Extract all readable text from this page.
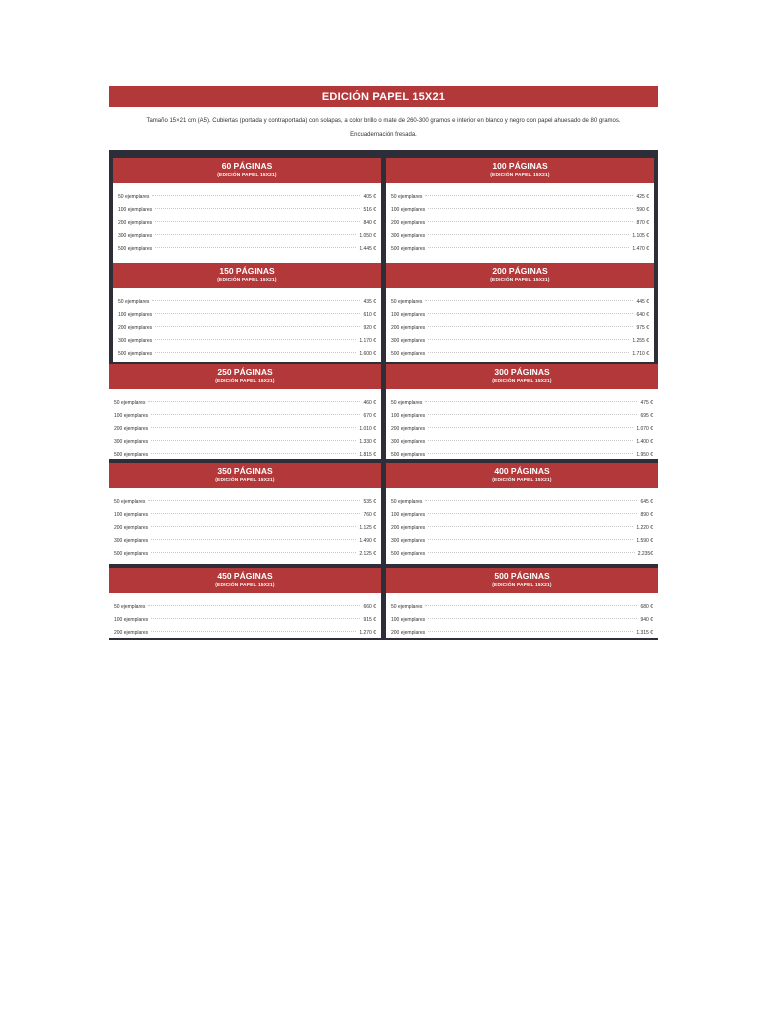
EDICIÓN PAPEL 15X21
Tamaño 15×21 cm (A5). Cubiertas (portada y contraportada) con solapas, a color brillo o mate de 260-300 gramos e interior en blanco y negro con papel ahuesado de 80 gramos.
Encuadernación fresada.
60 PÁGINAS
(EDICIÓN PAPEL 15X21)
50 ejemplares	405 €
100 ejemplares	516 €
200 ejemplares	840 €
300 ejemplares	1.050 €
500 ejemplares	1.445 €
100 PÁGINAS
(EDICIÓN PAPEL 15X21)
50 ejemplares	425 €
100 ejemplares	590 €
200 ejemplares	870 €
300 ejemplares	1.105 €
500 ejemplares	1.470 €
150 PÁGINAS
(EDICIÓN PAPEL 15X21)
50 ejemplares	435 €
100 ejemplares	610 €
200 ejemplares	920 €
300 ejemplares	1.170 €
500 ejemplares	1.600 €
200 PÁGINAS
(EDICIÓN PAPEL 15X21)
50 ejemplares	445 €
100 ejemplares	640 €
200 ejemplares	975 €
300 ejemplares	1.255 €
500 ejemplares	1.710 €
250 PÁGINAS
(EDICIÓN PAPEL 15X21)
50 ejemplares	460 €
100 ejemplares	670 €
200 ejemplares	1.010 €
300 ejemplares	1.330 €
500 ejemplares	1.815 €
300 PÁGINAS
(EDICIÓN PAPEL 15X21)
50 ejemplares	475 €
100 ejemplares	695 €
200 ejemplares	1.070 €
300 ejemplares	1.400 €
500 ejemplares	1.950 €
350 PÁGINAS
(EDICIÓN PAPEL 15X21)
50 ejemplares	535 €
100 ejemplares	760 €
200 ejemplares	1.125 €
300 ejemplares	1.490 €
500 ejemplares	2.125 €
400 PÁGINAS
(EDICIÓN PAPEL 15X21)
50 ejemplares	645 €
100 ejemplares	890 €
200 ejemplares	1.220 €
300 ejemplares	1.590 €
500 ejemplares	2.235€
450 PÁGINAS
(EDICIÓN PAPEL 15X21)
50 ejemplares	660 €
100 ejemplares	915 €
200 ejemplares	1.270 €
500 PÁGINAS
(EDICIÓN PAPEL 15X21)
50 ejemplares	680 €
100 ejemplares	940 €
200 ejemplares	1.315 €
